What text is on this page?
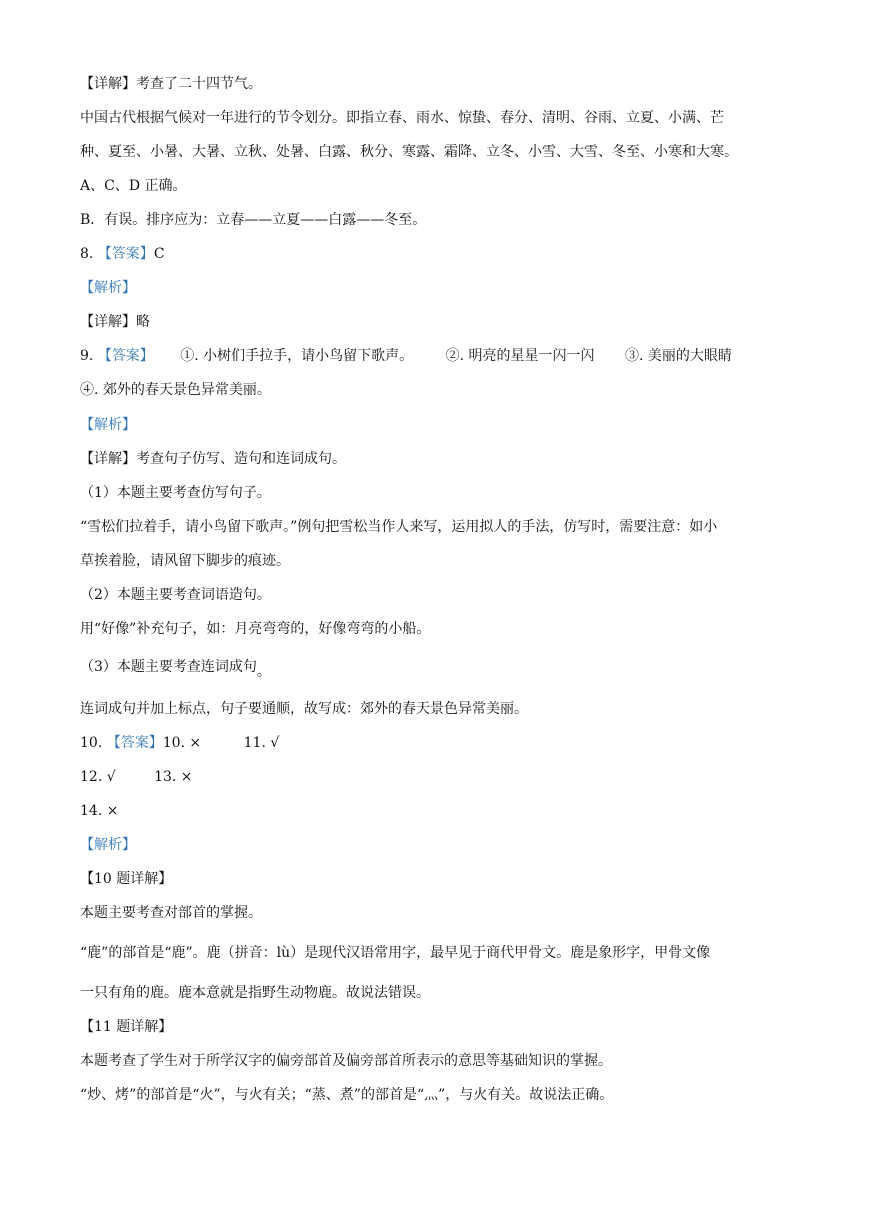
【详解】考查了二十四节气。
中国古代根据气候对一年进行的节令划分。即指立春、雨水、惊蛰、春分、清明、谷雨、立夏、小满、芒
种、夏至、小暑、大暑、立秋、处暑、白露、秋分、寒露、霜降、立冬、小雪、大雪、冬至、小寒和大寒。
A、C、D 正确。
B．有误。排序应为：立春——立夏——白露——冬至。
8. 【答案】C
【解析】
【详解】略
9. 【答案】 ①. 小树们手拉手，请小鸟留下歌声。 ②. 明亮的星星一闪一闪 ③. 美丽的大眼睛
④. 郊外的春天景色异常美丽。
【解析】
【详解】考查句子仿写、造句和连词成句。
（1）本题主要考查仿写句子。
“雪松们拉着手，请小鸟留下歌声。”例句把雪松当作人来写，运用拟人的手法，仿写时，需要注意：如小
草挨着脸，请风留下脚步的痕迹。
（2）本题主要考查词语造句。
用“好像”补充句子，如：月亮弯弯的，好像弯弯的小船。
（3）本题主要考查连词成句。
连词成句并加上标点，句子要通顺，故写成：郊外的春天景色异常美丽。
10. 【答案】10. ×	11. √
12. √	13. ×
14. ×
【解析】
【10 题详解】
本题主要考查对部首的掌握。
“鹿”的部首是“鹿”。鹿（拼音：lù）是现代汉语常用字，最早见于商代甲骨文。鹿是象形字，甲骨文像
一只有角的鹿。鹿本意就是指野生动物鹿。故说法错误。
【11 题详解】
本题考查了学生对于所学汉字的偏旁部首及偏旁部首所表示的意思等基础知识的掌握。
“炒、烤”的部首是“火”，与火有关；“蒸、煮”的部首是“灬”，与火有关。故说法正确。
